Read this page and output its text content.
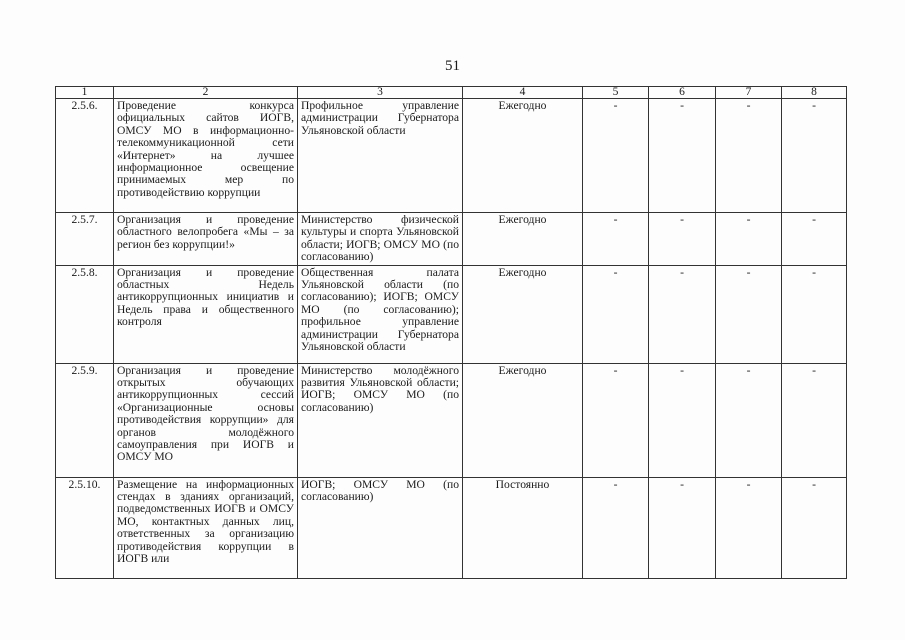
51
1	2	3	4	5	6	7	8
2.5.6.	Проведение конкурса официальных сайтов ИОГВ, ОМСУ МО в информационно-телекоммуникационной сети «Интернет» на лучшее информационное освещение принимаемых мер по противодействию коррупции	Профильное управление администрации Губернатора Ульяновской области	Ежегодно	-	-	-	-
2.5.7.	Организация и проведение областного велопробега «Мы – за регион без коррупции!»	Министерство физической культуры и спорта Ульяновской области; ИОГВ; ОМСУ МО (по согласованию)	Ежегодно	-	-	-	-
2.5.8.	Организация и проведение областных Недель антикоррупционных инициатив и Недель права и общественного контроля	Общественная палата Ульяновской области (по согласованию); ИОГВ; ОМСУ МО (по согласованию); профильное управление администрации Губернатора Ульяновской области	Ежегодно	-	-	-	-
2.5.9.	Организация и проведение открытых обучающих антикоррупционных сессий «Организационные основы противодействия коррупции» для органов молодёжного самоуправления при ИОГВ и ОМСУ МО	Министерство молодёжного развития Ульяновской области; ИОГВ; ОМСУ МО (по согласованию)	Ежегодно	-	-	-	-
2.5.10.	Размещение на информационных стендах в зданиях организаций, подведомственных ИОГВ и ОМСУ МО, контактных данных лиц, ответственных за организацию противодействия коррупции в ИОГВ или	ИОГВ; ОМСУ МО (по согласованию)	Постоянно	-	-	-	-
